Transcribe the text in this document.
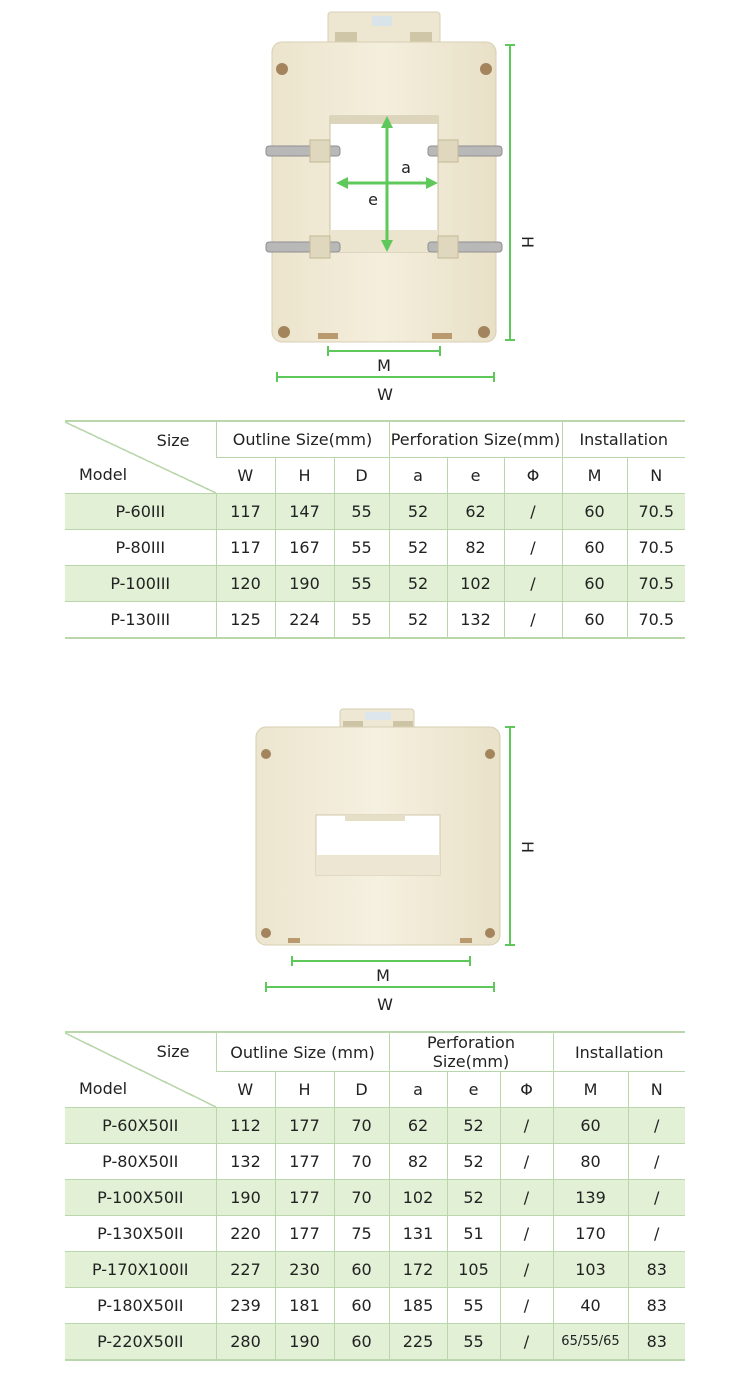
a
e
H
M
W
Size
Model	Outline Size(mm)			Perforation Size(mm)			Installation	
	W	H	D	a	e	Φ	M	N
P-60III	117	147	55	52	62	/	60	70.5
P-80III	117	167	55	52	82	/	60	70.5
P-100III	120	190	55	52	102	/	60	70.5
P-130III	125	224	55	52	132	/	60	70.5
H
M
W
Size
Model	Outline Size (mm)			Perforation Size(mm)			Installation	
	W	H	D	a	e	Φ	M	N
P-60X50II	112	177	70	62	52	/	60	/
P-80X50II	132	177	70	82	52	/	80	/
P-100X50II	190	177	70	102	52	/	139	/
P-130X50II	220	177	75	131	51	/	170	/
P-170X100II	227	230	60	172	105	/	103	83
P-180X50II	239	181	60	185	55	/	40	83
P-220X50II	280	190	60	225	55	/	65/55/65	83
